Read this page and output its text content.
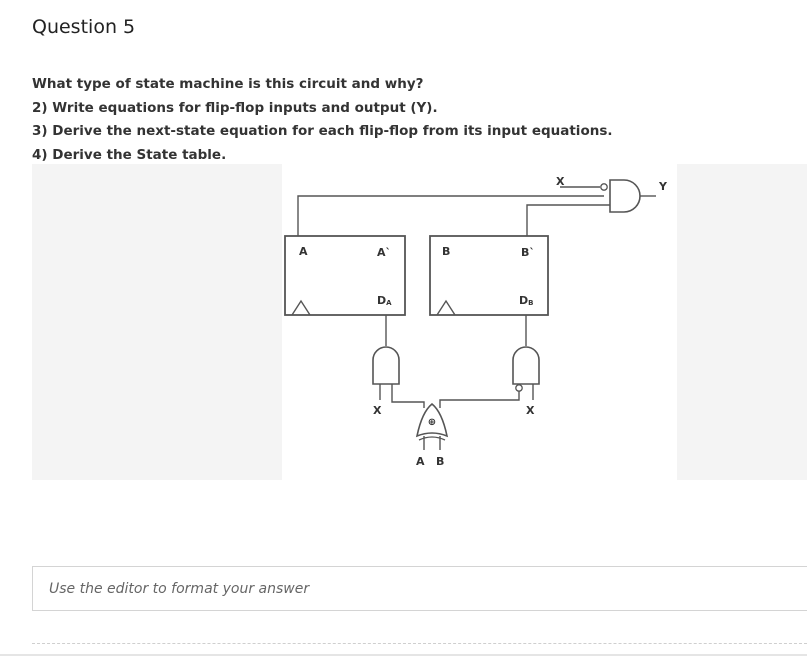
Question 5
What type of state machine is this circuit and why?
2) Write equations for flip-flop inputs and output (Y).
3) Derive the next-state equation for each flip-flop from its input equations.
4) Derive the State table.
X	Y
A	A`
DA
B	B`
DB
X	X
⊕
A B
Use the editor to format your answer
